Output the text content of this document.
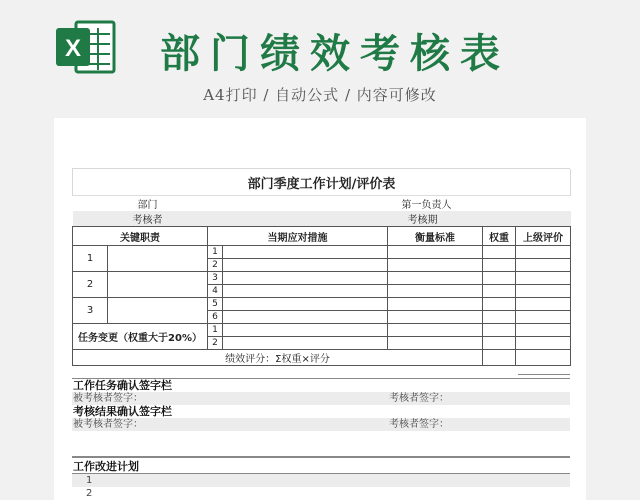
X 部门绩效考核表
A4打印 / 自动公式 / 内容可修改
部门季度工作计划/评价表						
部门			第一负责人			
考核者			考核期			
关键职责		当期应对措施		衡量标准	权重	上级评价
1		1				
		2				
2		3				
		4				
3		5				
		6				
任务变更（权重大于20%）		1				
		2				
绩效评分：Σ权重×评分						
工作任务确认签字栏
被考核者签字：	考核者签字：
考核结果确认签字栏
被考核者签字：	考核者签字：
工作改进计划
1
2
